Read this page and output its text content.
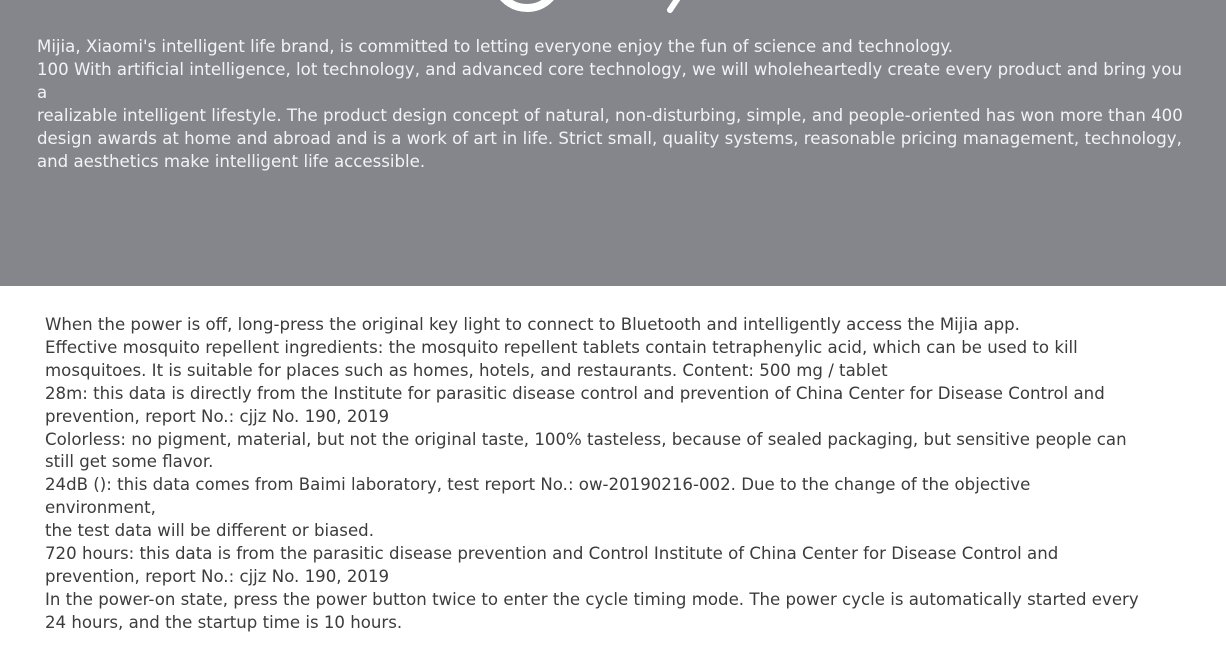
Mijia, Xiaomi's intelligent life brand, is committed to letting everyone enjoy the fun of science and technology.

100 With artificial intelligence, lot technology, and advanced core technology, we will wholeheartedly create every product and bring you a
realizable intelligent lifestyle. The product design concept of natural, non-disturbing, simple, and people-oriented has won more than 400
design awards at home and abroad and is a work of art in life. Strict small, quality systems, reasonable pricing management, technology,
and aesthetics make intelligent life accessible.

When the power is off, long-press the original key light to connect to Bluetooth and intelligently access the Mijia app.

Effective mosquito repellent ingredients: the mosquito repellent tablets contain tetraphenylic acid, which can be used to kill
mosquitoes. It is suitable for places such as homes, hotels, and restaurants. Content: 500 mg / tablet

28m: this data is directly from the Institute for parasitic disease control and prevention of China Center for Disease Control and
prevention, report No.: cjjz No. 190, 2019

Colorless: no pigment, material, but not the original taste, 100% tasteless, because of sealed packaging, but sensitive people can
still get some flavor.

24dB (): this data comes from Baimi laboratory, test report No.: ow-20190216-002. Due to the change of the objective environment,
the test data will be different or biased.

720 hours: this data is from the parasitic disease prevention and Control Institute of China Center for Disease Control and
prevention, report No.: cjjz No. 190, 2019

In the power-on state, press the power button twice to enter the cycle timing mode. The power cycle is automatically started every
24 hours, and the startup time is 10 hours.
